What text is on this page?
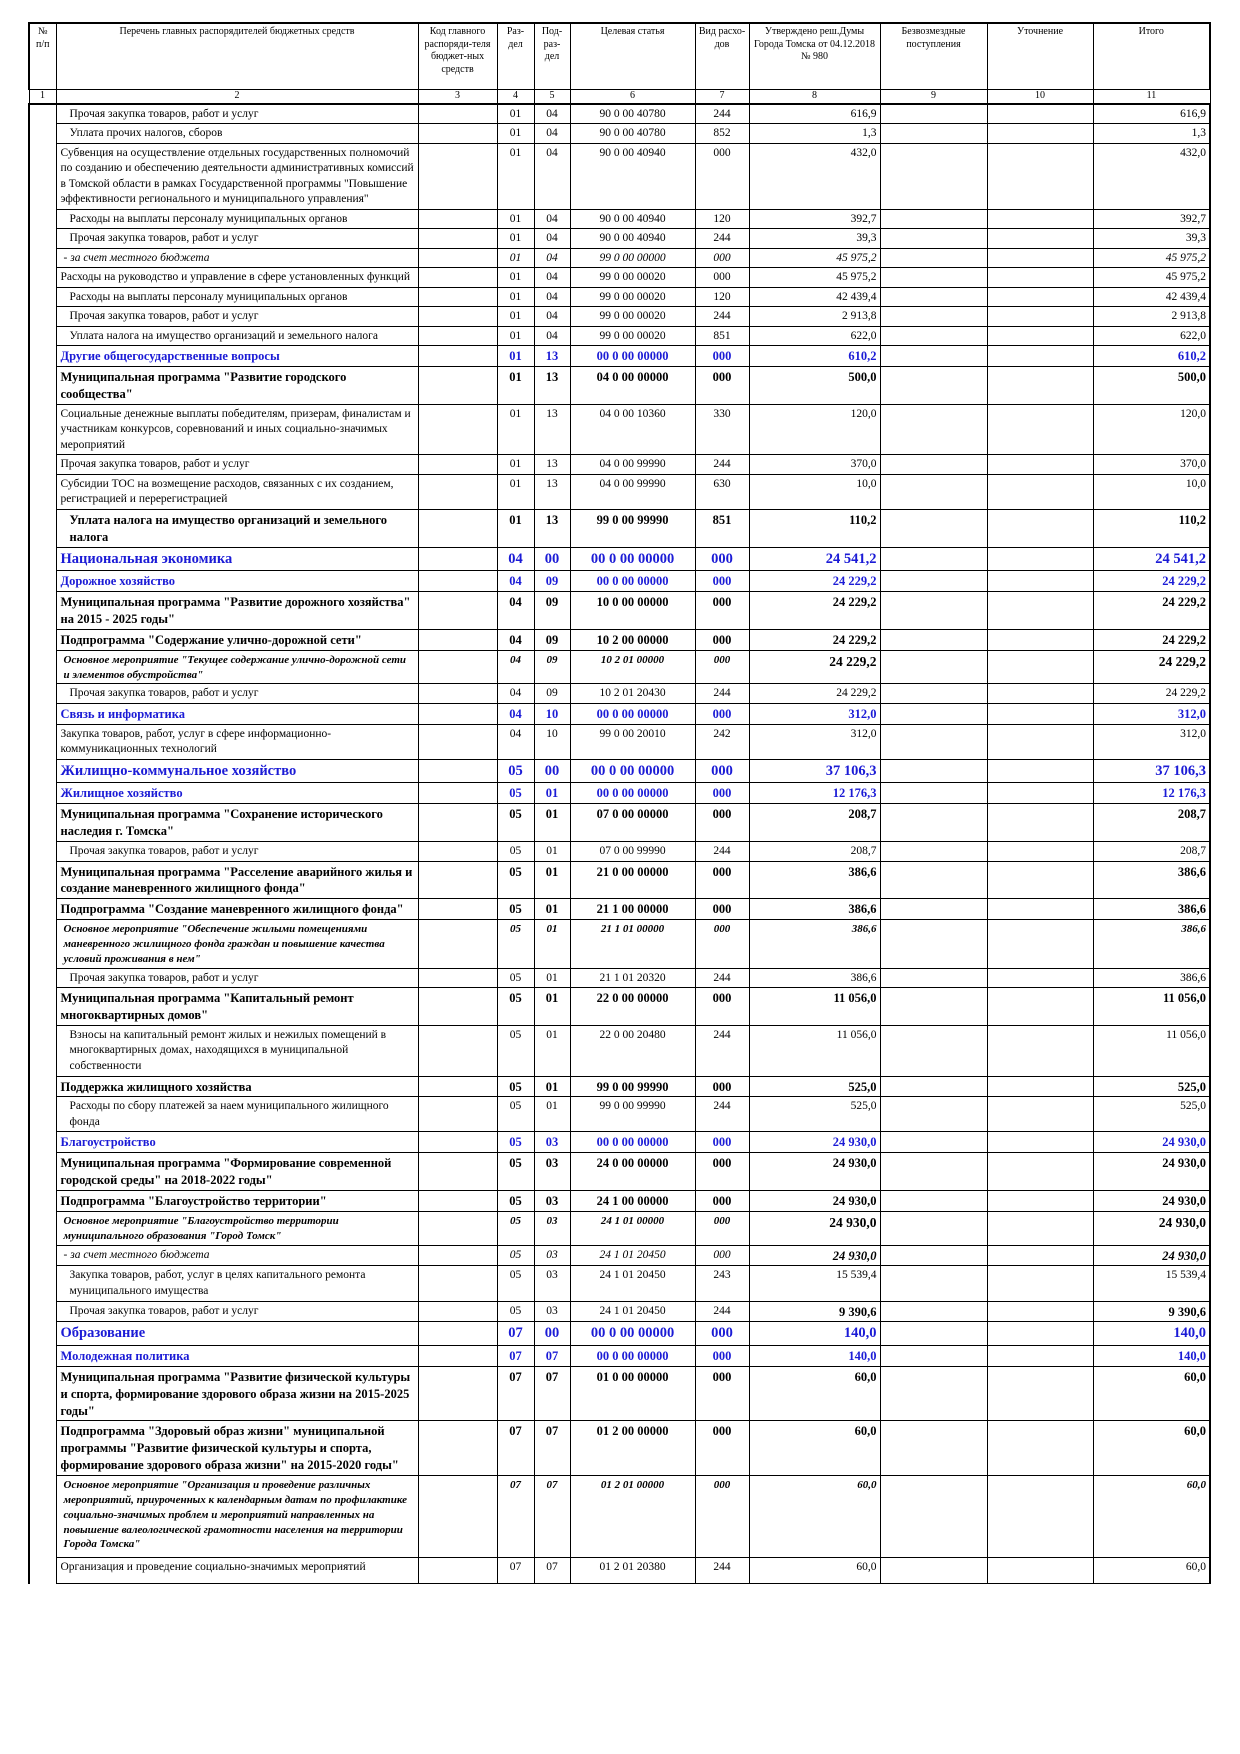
№ п/п	Перечень главных распорядителей бюджетных средств	Код главного распоряди-теля бюджет-ных средств	Раз-дел	Под-раз-дел	Целевая статья	Вид расхо-дов	Утверждено реш.Думы Города Томска от 04.12.2018 № 980	Безвозмездные поступления	Уточнение	Итого
1	2	3	4	5	6	7	8	9	10	11
	Прочая закупка товаров, работ и услуг		01	04	90 0 00 40780	244	616,9			616,9
	Уплата прочих налогов, сборов		01	04	90 0 00 40780	852	1,3			1,3
	Субвенция на осуществление отдельных государственных полномочий по созданию и обеспечению деятельности административных комиссий в Томской области в рамках Государственной программы "Повышение эффективности регионального и муниципального управления"		01	04	90 0 00 40940	000	432,0			432,0
	Расходы на выплаты персоналу муниципальных органов		01	04	90 0 00 40940	120	392,7			392,7
	Прочая закупка товаров, работ и услуг		01	04	90 0 00 40940	244	39,3			39,3
	- за счет местного бюджета		01	04	99 0 00 00000	000	45 975,2			45 975,2
	Расходы на руководство и управление в сфере установленных функций		01	04	99 0 00 00020	000	45 975,2			45 975,2
	Расходы на выплаты персоналу муниципальных органов		01	04	99 0 00 00020	120	42 439,4			42 439,4
	Прочая закупка товаров, работ и услуг		01	04	99 0 00 00020	244	2 913,8			2 913,8
	Уплата налога на имущество организаций и земельного налога		01	04	99 0 00 00020	851	622,0			622,0
	Другие общегосударственные вопросы		01	13	00 0 00 00000	000	610,2			610,2
	Муниципальная программа "Развитие городского сообщества"		01	13	04 0 00 00000	000	500,0			500,0
	Социальные денежные выплаты победителям, призерам, финалистам и участникам конкурсов, соревнований и иных социально-значимых мероприятий		01	13	04 0 00 10360	330	120,0			120,0
	Прочая закупка товаров, работ и услуг		01	13	04 0 00 99990	244	370,0			370,0
	Субсидии ТОС на возмещение расходов, связанных с их созданием, регистрацией и перерегистрацией		01	13	04 0 00 99990	630	10,0			10,0
	Уплата налога на имущество организаций и земельного налога		01	13	99 0 00 99990	851	110,2			110,2
	Национальная экономика		04	00	00 0 00 00000	000	24 541,2			24 541,2
	Дорожное хозяйство		04	09	00 0 00 00000	000	24 229,2			24 229,2
	Муниципальная программа "Развитие дорожного хозяйства" на 2015 - 2025 годы"		04	09	10 0 00 00000	000	24 229,2			24 229,2
	Подпрограмма "Содержание улично-дорожной сети"		04	09	10 2 00 00000	000	24 229,2			24 229,2
	Основное мероприятие "Текущее содержание улично-дорожной сети и элементов обустройства"		04	09	10 2 01 00000	000	24 229,2			24 229,2
	Прочая закупка товаров, работ и услуг		04	09	10 2 01 20430	244	24 229,2			24 229,2
	Связь и информатика		04	10	00 0 00 00000	000	312,0			312,0
	Закупка товаров, работ, услуг в сфере информационно-коммуникационных технологий		04	10	99 0 00 20010	242	312,0			312,0
	Жилищно-коммунальное хозяйство		05	00	00 0 00 00000	000	37 106,3			37 106,3
	Жилищное хозяйство		05	01	00 0 00 00000	000	12 176,3			12 176,3
	Муниципальная программа "Сохранение исторического наследия г. Томска"		05	01	07 0 00 00000	000	208,7			208,7
	Прочая закупка товаров, работ и услуг		05	01	07 0 00 99990	244	208,7			208,7
	Муниципальная программа "Расселение аварийного жилья и создание маневренного жилищного фонда"		05	01	21 0 00 00000	000	386,6			386,6
	Подпрограмма "Создание маневренного жилищного фонда"		05	01	21 1 00 00000	000	386,6			386,6
	Основное мероприятие "Обеспечение жилыми помещениями маневренного жилищного фонда граждан и повышение качества условий проживания в нем"		05	01	21 1 01 00000	000	386,6			386,6
	Прочая закупка товаров, работ и услуг		05	01	21 1 01 20320	244	386,6			386,6
	Муниципальная программа "Капитальный ремонт многоквартирных домов"		05	01	22 0 00 00000	000	11 056,0			11 056,0
	Взносы на капитальный ремонт жилых и нежилых помещений в многоквартирных домах, находящихся в муниципальной собственности		05	01	22 0 00 20480	244	11 056,0			11 056,0
	Поддержка жилищного хозяйства		05	01	99 0 00 99990	000	525,0			525,0
	Расходы по сбору платежей за наем муниципального жилищного фонда		05	01	99 0 00 99990	244	525,0			525,0
	Благоустройство		05	03	00 0 00 00000	000	24 930,0			24 930,0
	Муниципальная программа "Формирование современной городской среды" на 2018-2022 годы"		05	03	24 0 00 00000	000	24 930,0			24 930,0
	Подпрограмма "Благоустройство территории"		05	03	24 1 00 00000	000	24 930,0			24 930,0
	Основное мероприятие "Благоустройство территории муниципального образования "Город Томск"		05	03	24 1 01 00000	000	24 930,0			24 930,0
	- за счет местного бюджета		05	03	24 1 01 20450	000	24 930,0			24 930,0
	Закупка товаров, работ, услуг в целях капитального ремонта муниципального имущества		05	03	24 1 01 20450	243	15 539,4			15 539,4
	Прочая закупка товаров, работ и услуг		05	03	24 1 01 20450	244	9 390,6			9 390,6
	Образование		07	00	00 0 00 00000	000	140,0			140,0
	Молодежная политика		07	07	00 0 00 00000	000	140,0			140,0
	Муниципальная программа "Развитие физической культуры и спорта, формирование здорового образа жизни на 2015-2025 годы"		07	07	01 0 00 00000	000	60,0			60,0
	Подпрограмма "Здоровый образ жизни" муниципальной программы "Развитие физической культуры и спорта, формирование здорового образа жизни" на 2015-2020 годы"		07	07	01 2 00 00000	000	60,0			60,0
	Основное мероприятие "Организация и проведение различных мероприятий, приуроченных к календарным датам по профилактике социально-значимых проблем и мероприятий направленных на повышение валеологической грамотности населения на территории Города Томска"		07	07	01 2 01 00000	000	60,0			60,0
	Организация и проведение социально-значимых мероприятий		07	07	01 2 01 20380	244	60,0			60,0
